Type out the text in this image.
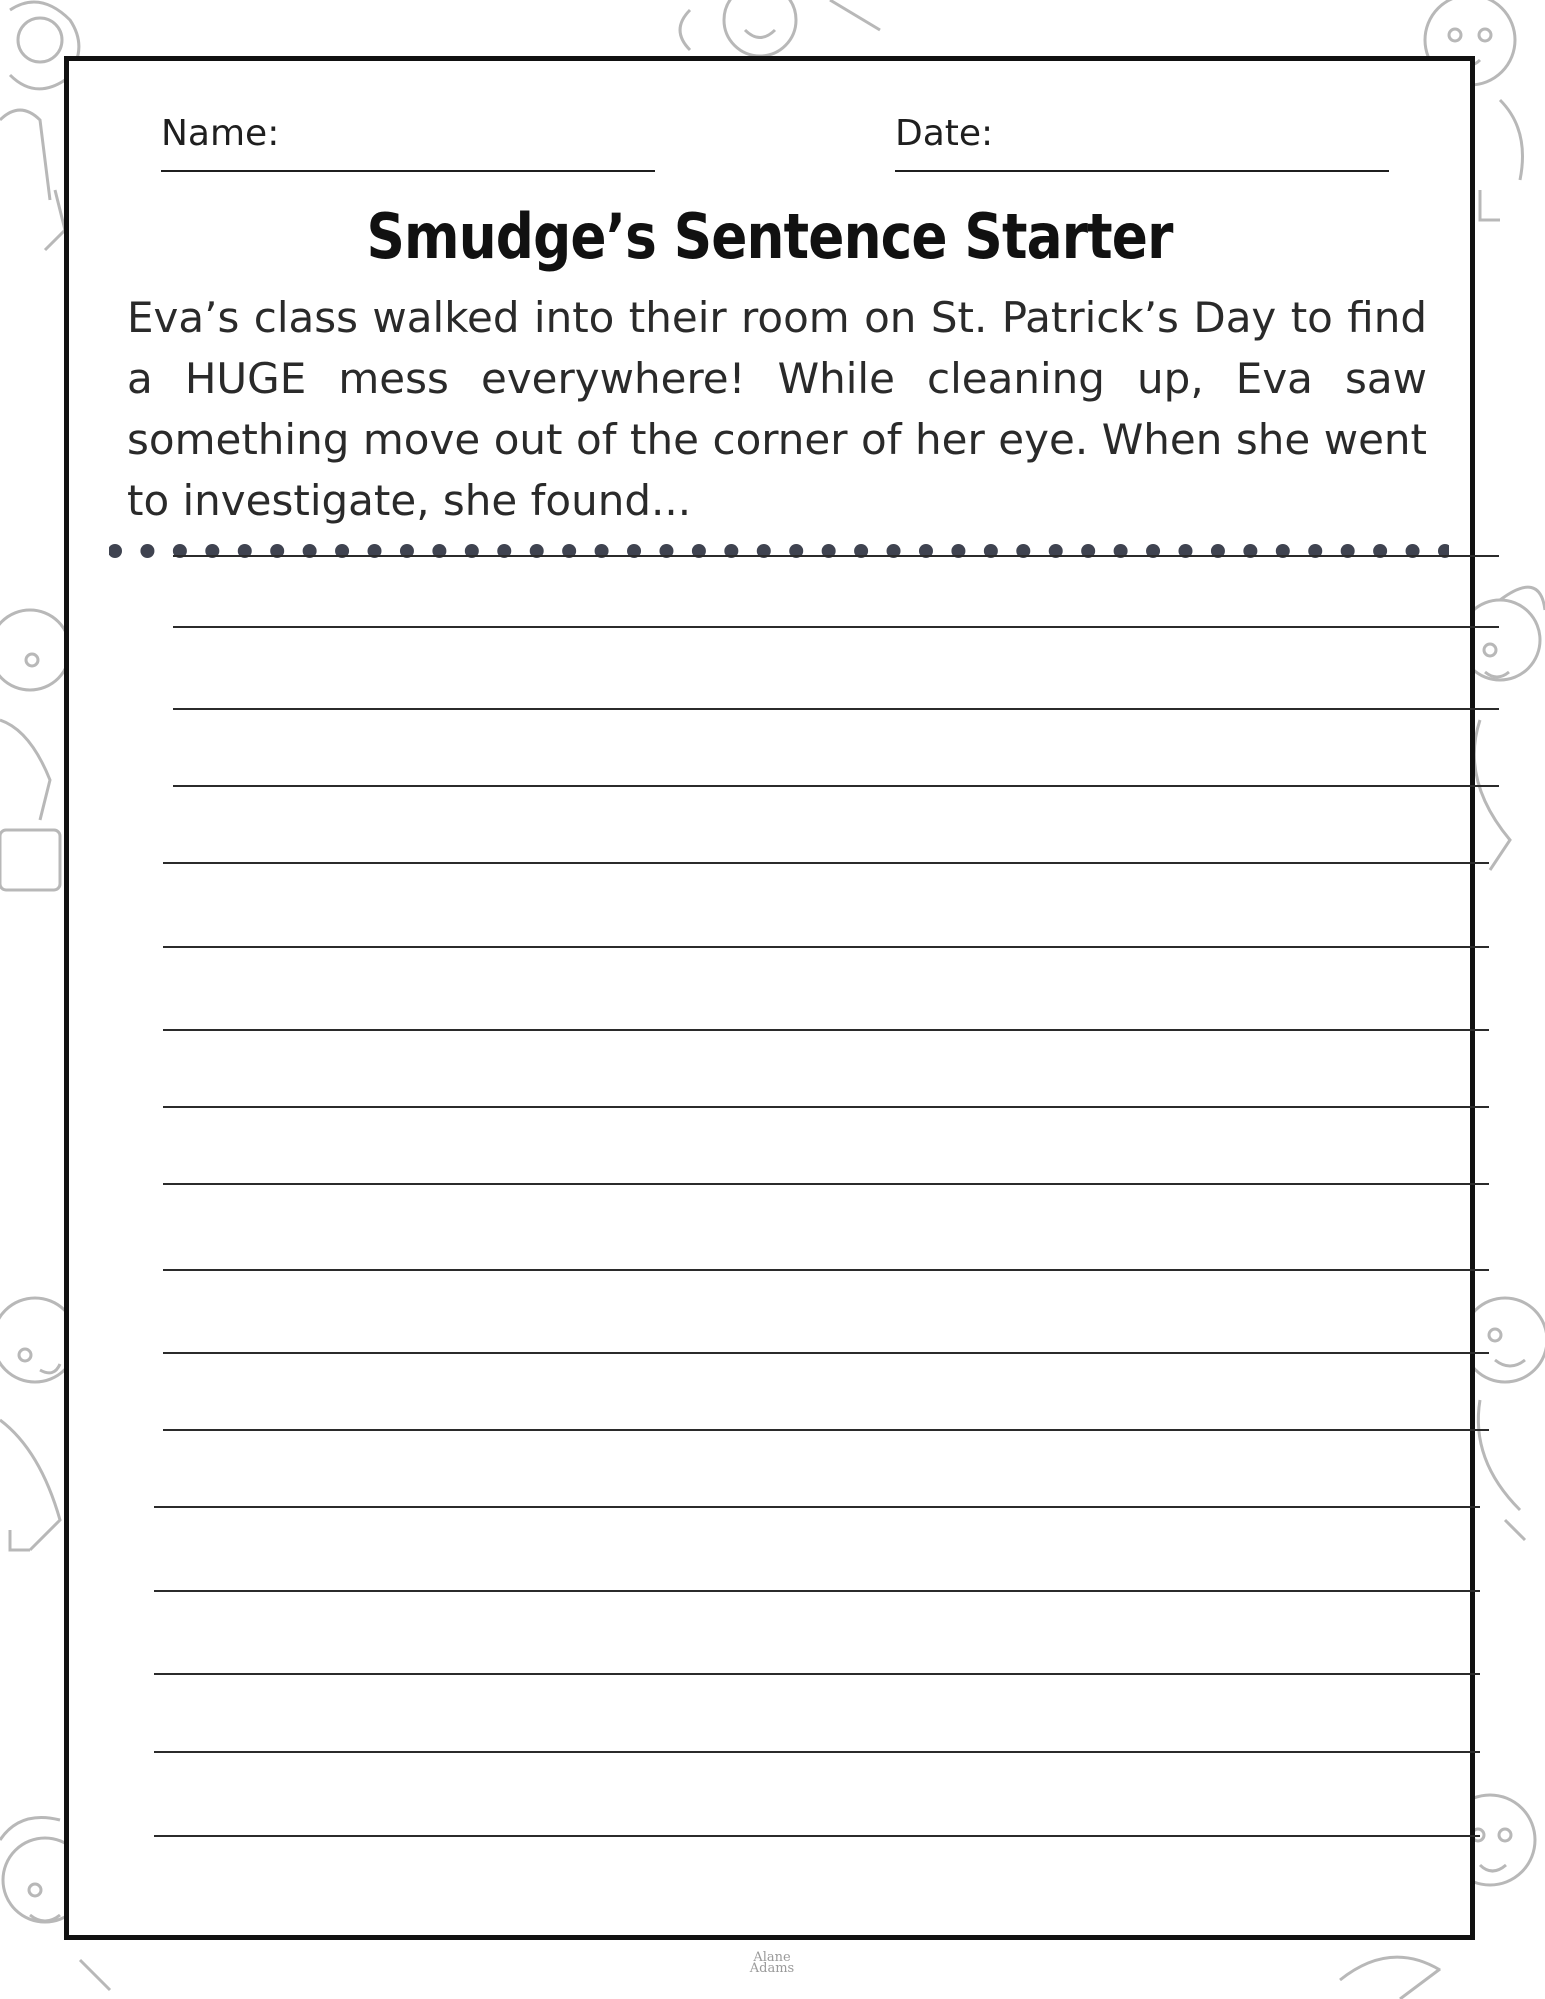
Name:	Date:
Smudge’s Sentence Starter

Eva’s class walked into their room on St. Patrick’s Day to find a HUGE mess everywhere! While cleaning up, Eva saw something move out of the corner of her eye. When she went to investigate, she found...

Alane Adams
